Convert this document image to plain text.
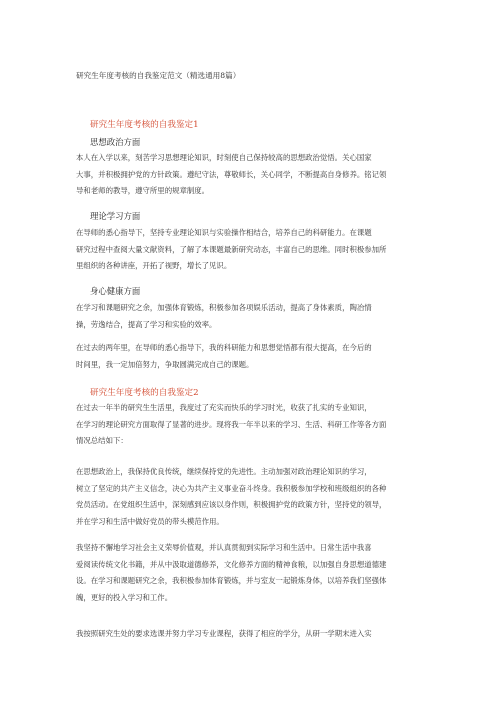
研究生年度考核的自我鉴定范文（精选通用8篇）
研究生年度考核的自我鉴定1
思想政治方面
本人在入学以来，刻苦学习思想理论知识，时刻使自己保持较高的思想政治觉悟。关心国家
大事，并积极拥护党的方针政策。遵纪守法，尊敬师长，关心同学，不断提高自身修养。铭记领
导和老师的教导，遵守所里的规章制度。
理论学习方面
在导师的悉心指导下，坚持专业理论知识与实验操作相结合，培养自己的科研能力。在课题
研究过程中查阅大量文献资料，了解了本课题最新研究动态，丰富自己的思维。同时积极参加所
里组织的各种讲座，开拓了视野，增长了见识。
身心健康方面
在学习和课题研究之余，加强体育锻炼，积极参加各项娱乐活动，提高了身体素质，陶冶情
操，劳逸结合，提高了学习和实验的效率。
在过去的两年里，在导师的悉心指导下，我的科研能力和思想觉悟都有很大提高，在今后的
时间里，我一定加倍努力，争取圆满完成自己的课题。
研究生年度考核的自我鉴定2
在过去一年半的研究生生活里，我度过了充实而快乐的学习时光，收获了扎实的专业知识，
在学习的理论研究方面取得了显著的进步。现将我一年半以来的学习、生活、科研工作等各方面
情况总结如下：
在思想政治上，我保持优良传统，继续保持党的先进性。主动加强对政治理论知识的学习，
树立了坚定的共产主义信念，决心为共产主义事业奋斗终身。我积极参加学校和班级组织的各种
党员活动。在党组织生活中，深刻感到应该以身作则，积极拥护党的政策方针，坚持党的领导，
并在学习和生活中做好党员的带头模范作用。
我坚持不懈地学习社会主义荣辱价值观，并认真贯彻到实际学习和生活中。日常生活中我喜
爱阅读传统文化书籍，并从中汲取道德修养，文化修养方面的精神食粮，以加强自身思想道德建
设。在学习和课题研究之余，我积极参加体育锻炼，并与室友一起锻炼身体，以培养我们坚强体
魄，更好的投入学习和工作。
我按照研究生处的要求选课并努力学习专业课程，获得了相应的学分，从研一学期末进入实
